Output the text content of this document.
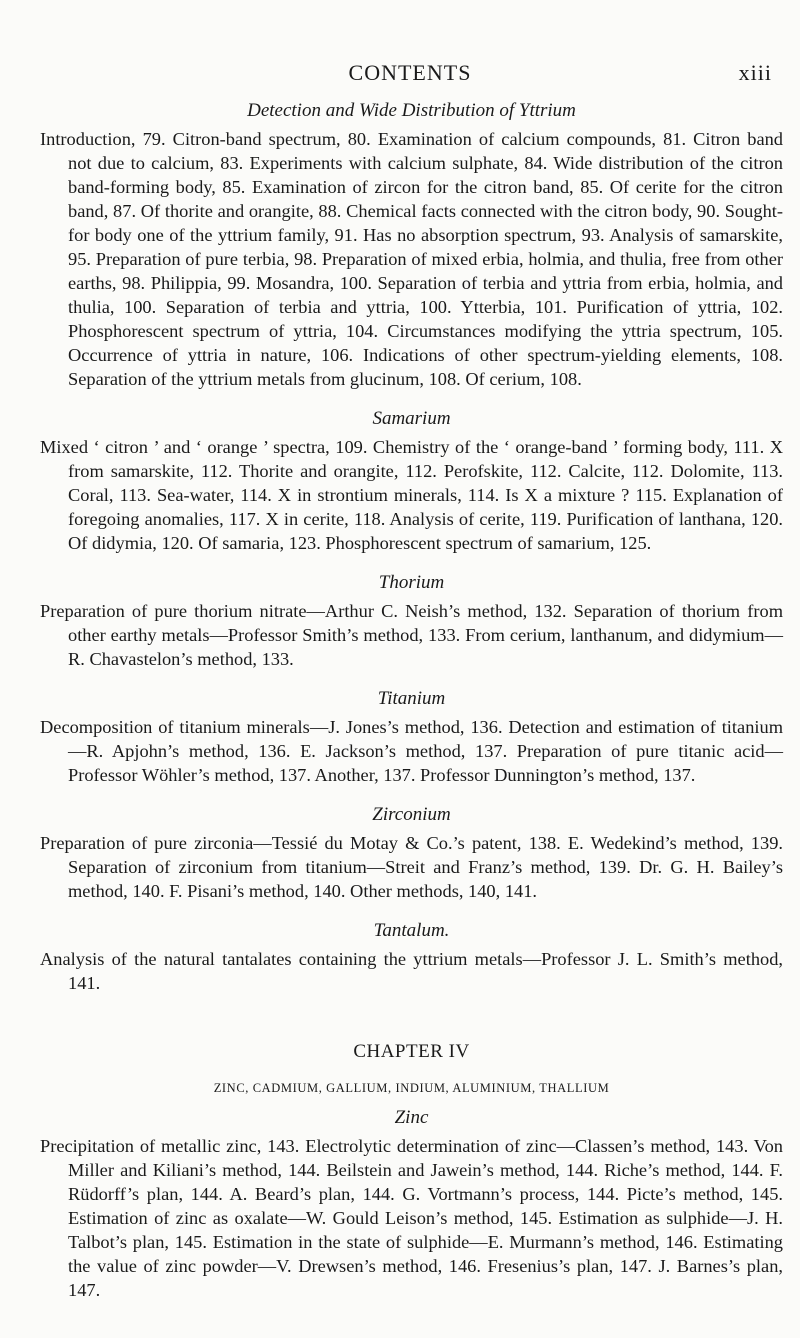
CONTENTS	xiii
Detection and Wide Distribution of Yttrium

Introduction, 79. Citron-band spectrum, 80. Examination of calcium compounds, 81. Citron band not due to calcium, 83. Experiments with calcium sulphate, 84. Wide distribution of the citron band-forming body, 85. Examination of zircon for the citron band, 85. Of cerite for the citron band, 87. Of thorite and orangite, 88. Chemical facts connected with the citron body, 90. Sought-for body one of the yttrium family, 91. Has no absorption spectrum, 93. Analysis of samarskite, 95. Preparation of pure terbia, 98. Preparation of mixed erbia, holmia, and thulia, free from other earths, 98. Philippia, 99. Mosandra, 100. Separation of terbia and yttria from erbia, holmia, and thulia, 100. Separation of terbia and yttria, 100. Ytterbia, 101. Purification of yttria, 102. Phosphorescent spectrum of yttria, 104. Circumstances modifying the yttria spectrum, 105. Occurrence of yttria in nature, 106. Indications of other spectrum-yielding elements, 108. Separation of the yttrium metals from glucinum, 108. Of cerium, 108.

Samarium

Mixed ‘ citron ’ and ‘ orange ’ spectra, 109. Chemistry of the ‘ orange-band ’ forming body, 111. X from samarskite, 112. Thorite and orangite, 112. Perofskite, 112. Calcite, 112. Dolomite, 113. Coral, 113. Sea-water, 114. X in strontium minerals, 114. Is X a mixture ? 115. Explanation of foregoing anomalies, 117. X in cerite, 118. Analysis of cerite, 119. Purification of lanthana, 120. Of didymia, 120. Of samaria, 123. Phosphorescent spectrum of samarium, 125.

Thorium

Preparation of pure thorium nitrate—Arthur C. Neish’s method, 132. Separation of thorium from other earthy metals—Professor Smith’s method, 133. From cerium, lanthanum, and didymium—R. Chavastelon’s method, 133.

Titanium

Decomposition of titanium minerals—J. Jones’s method, 136. Detection and estimation of titanium—R. Apjohn’s method, 136. E. Jackson’s method, 137. Preparation of pure titanic acid—Professor Wöhler’s method, 137. Another, 137. Professor Dunnington’s method, 137.

Zirconium

Preparation of pure zirconia—Tessié du Motay & Co.’s patent, 138. E. Wedekind’s method, 139. Separation of zirconium from titanium—Streit and Franz’s method, 139. Dr. G. H. Bailey’s method, 140. F. Pisani’s method, 140. Other methods, 140, 141.

Tantalum.

Analysis of the natural tantalates containing the yttrium metals—Professor J. L. Smith’s method, 141.

CHAPTER IV
ZINC, CADMIUM, GALLIUM, INDIUM, ALUMINIUM, THALLIUM
Zinc

Precipitation of metallic zinc, 143. Electrolytic determination of zinc—Classen’s method, 143. Von Miller and Kiliani’s method, 144. Beilstein and Jawein’s method, 144. Riche’s method, 144. F. Rüdorff’s plan, 144. A. Beard’s plan, 144. G. Vortmann’s process, 144. Picte’s method, 145. Estimation of zinc as oxalate—W. Gould Leison’s method, 145. Estimation as sulphide—J. H. Talbot’s plan, 145. Estimation in the state of sulphide—E. Murmann’s method, 146. Estimating the value of zinc powder—V. Drewsen’s method, 146. Fresenius’s plan, 147. J. Barnes’s plan, 147.
